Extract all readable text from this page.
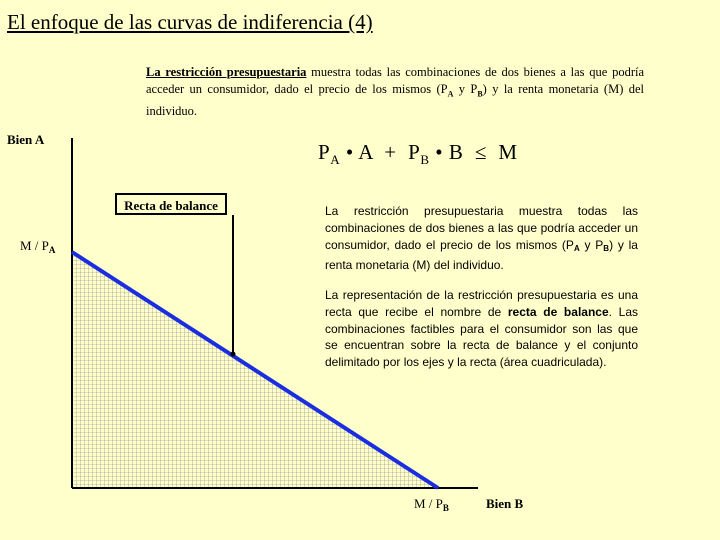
El enfoque de las curvas de indiferencia (4)
La restricción presupuestaria muestra todas las combinaciones de dos bienes a las que podría acceder un consumidor, dado el precio de los mismos ($P_A$ y $P_B$) y la renta monetaria (M) del individuo.
$P_A$ • $A + P_B$ • B  ≤  M
Bien A
M / $P_A$
M / $P_B$	Bien B
Recta de balance	La restricción presupuestaria muestra todas las combinaciones de dos bienes a las que podría acceder un consumidor, dado el precio de los mismos ($P_A$ y $P_B$) y la renta monetaria (M) del individuo.
La representación de la restricción presupuestaria es una recta que recibe el nombre de recta de balance. Las combinaciones factibles para el consumidor son las que se encuentran sobre la recta de balance y el conjunto delimitado por los ejes y la recta (área cuadriculada).
